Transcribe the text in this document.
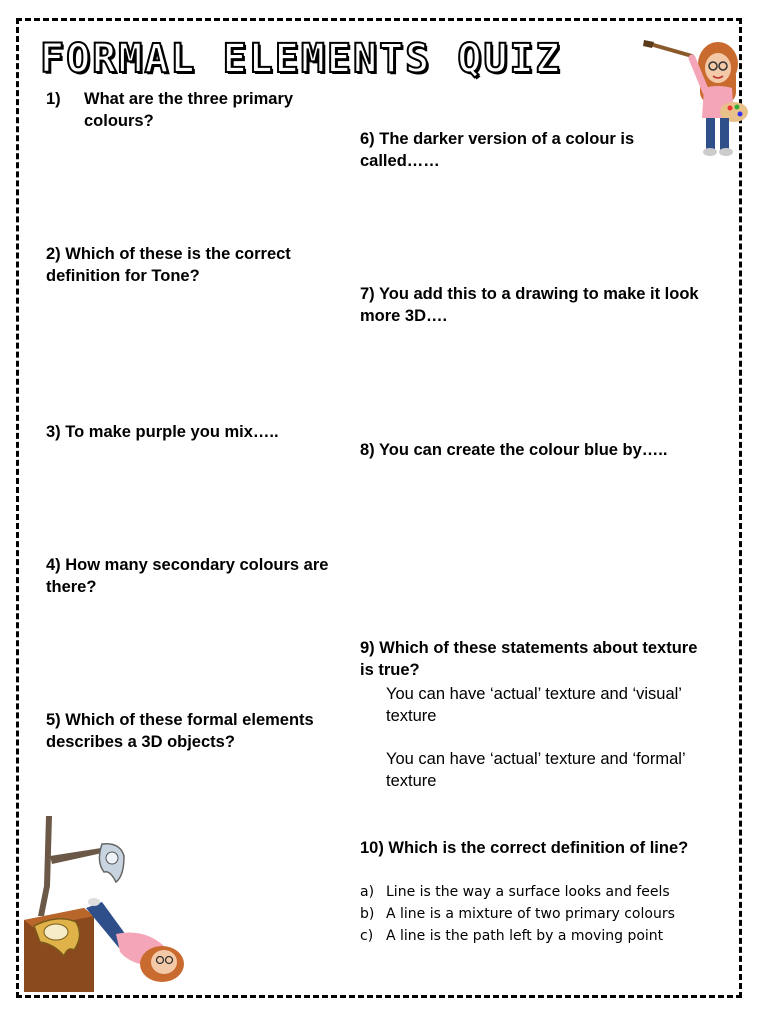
FORMAL ELEMENTS QUIZ

1)	What are the three primary colours?

2) Which of these is the correct definition for Tone?

3) To make purple you mix…..

4) How many secondary colours are there?

5) Which of these formal elements describes a 3D objects?

6) The darker version of a colour is called……

7) You add this to a drawing to make it look more 3D….

8) You can create the colour blue by…..

9) Which of these statements about texture is true?

You can have ‘actual’ texture and ‘visual’ texture

You can have ‘actual’ texture and ‘formal’ texture

10) Which is the correct definition of line?

a) Line is the way a surface looks and feels
b) A line is a mixture of two primary colours
c) A line is the path left by a moving point
